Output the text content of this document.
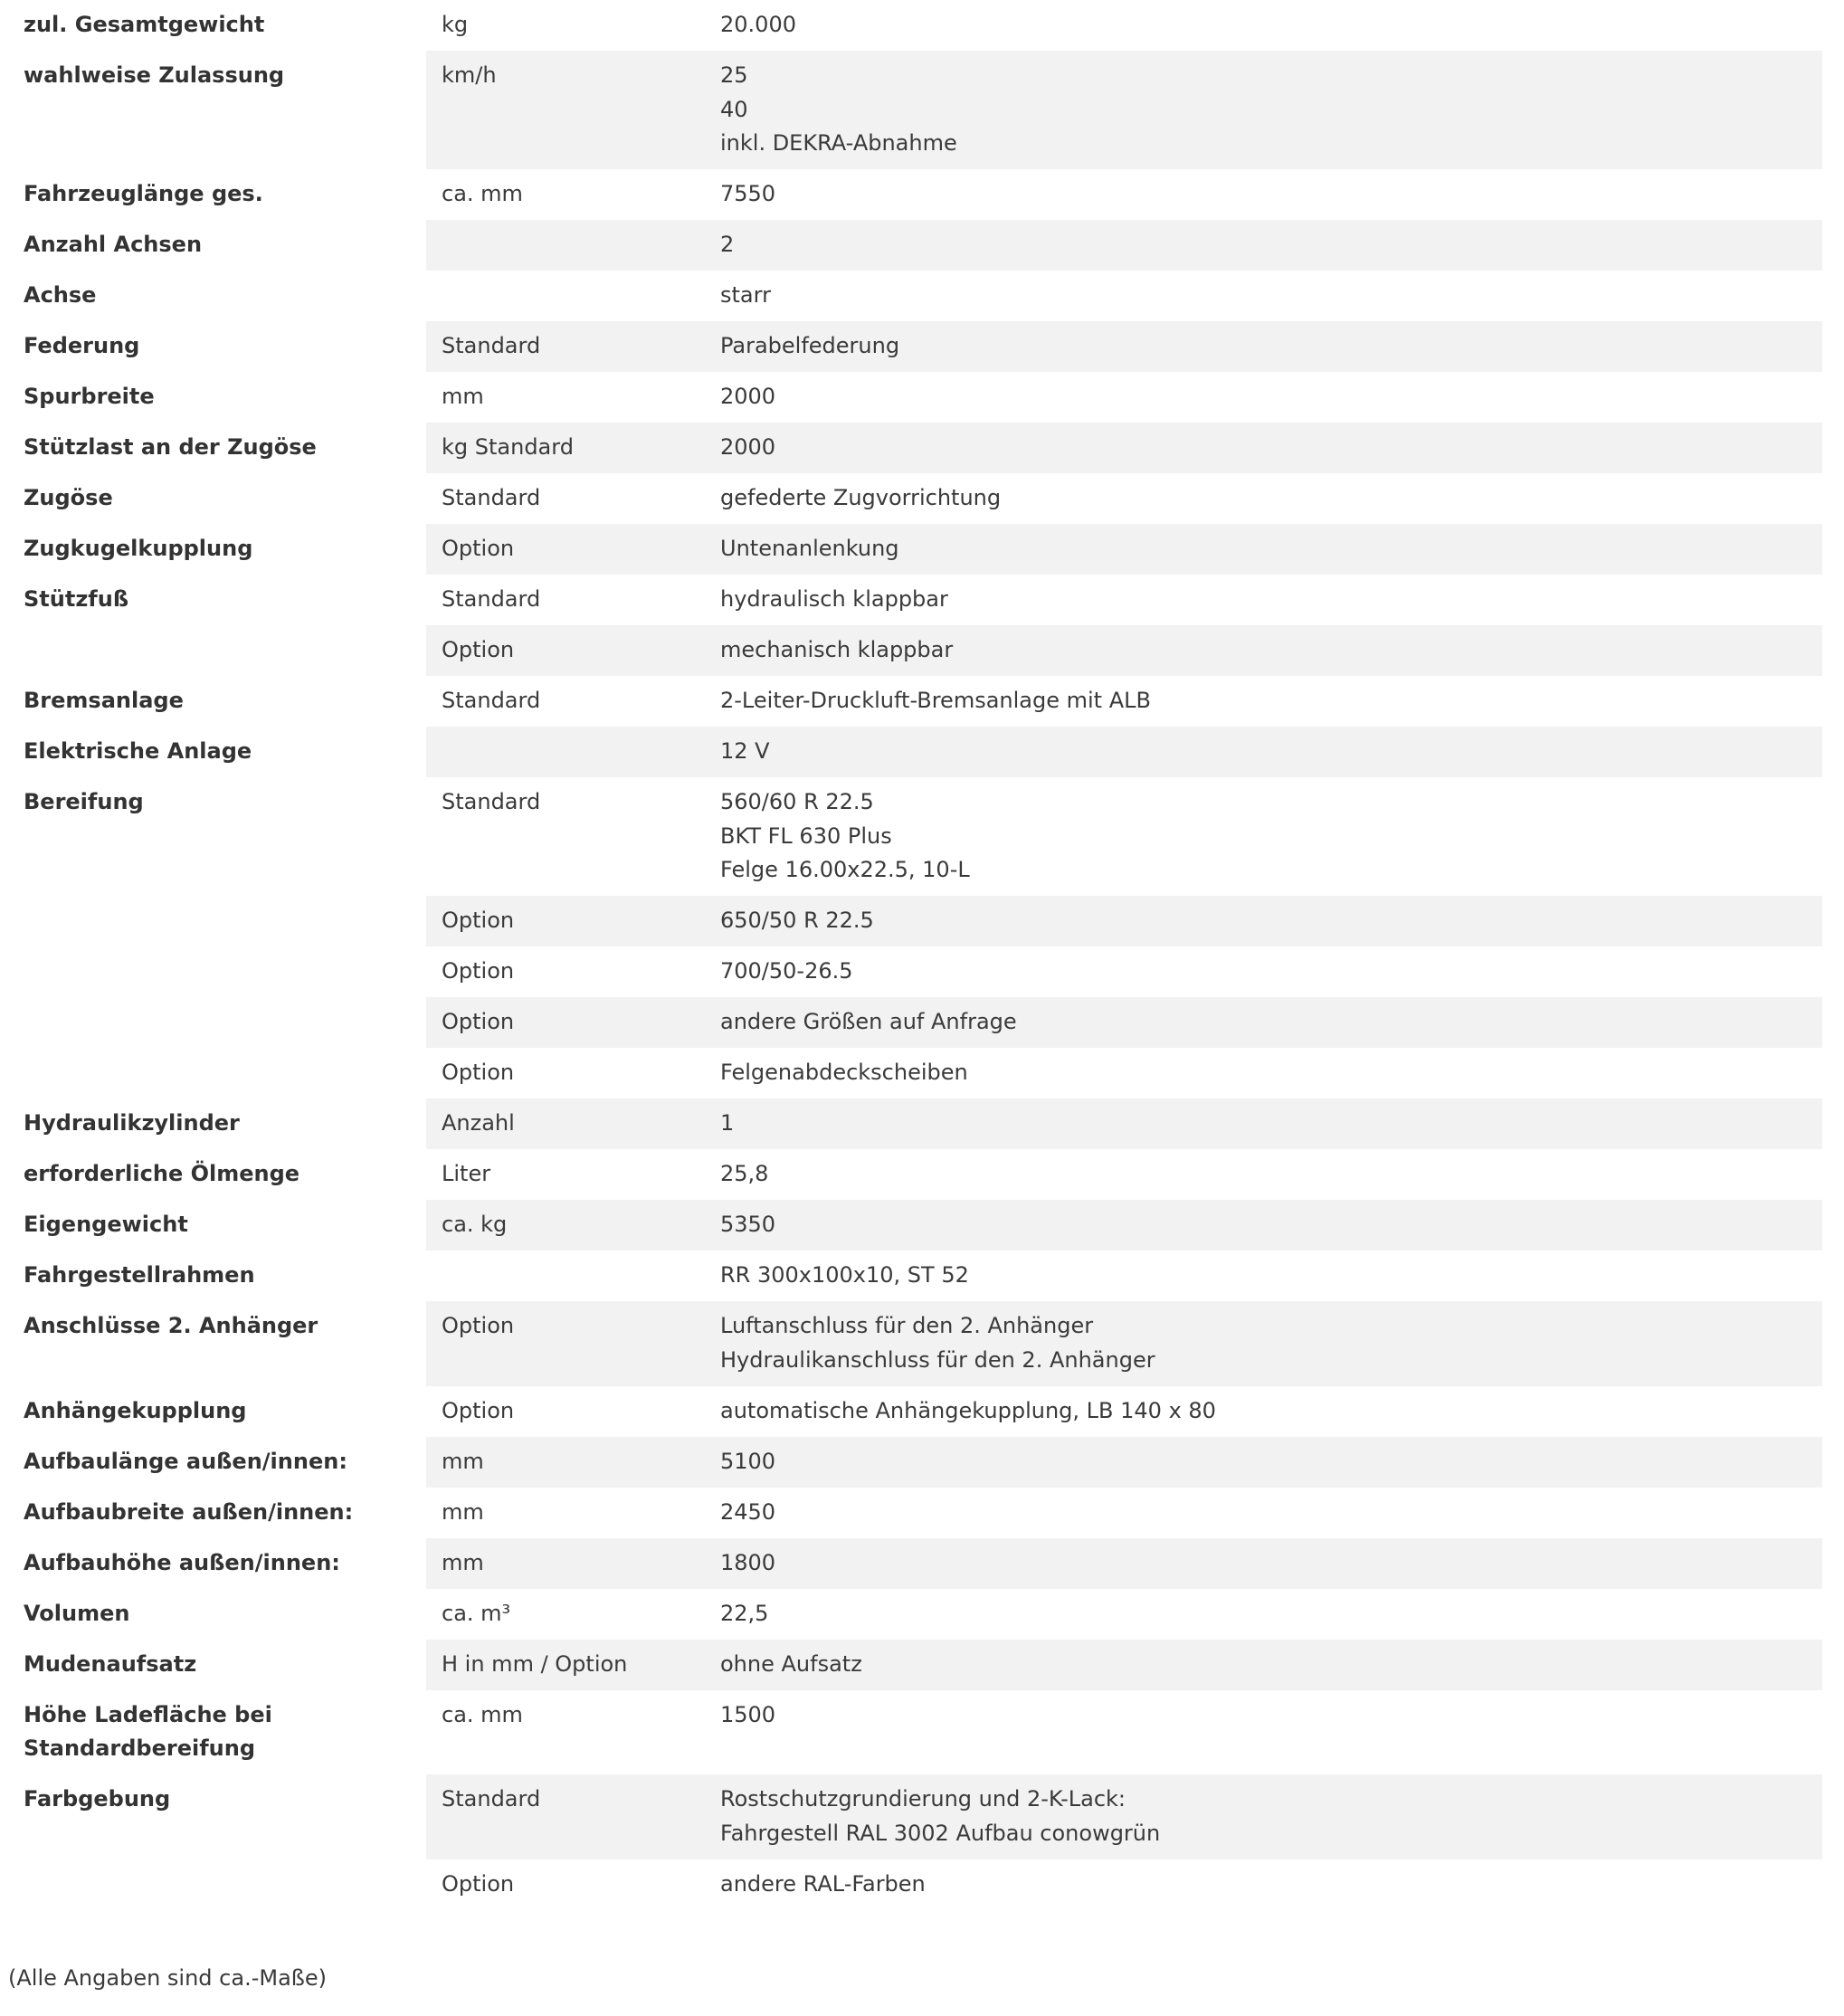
zul. Gesamtgewicht	kg	20.000

wahlweise Zulassung	km/h	25
40
inkl. DEKRA-Abnahme

Fahrzeuglänge ges.	ca. mm	7550

Anzahl Achsen		2

Achse		starr

Federung	Standard	Parabelfederung

Spurbreite	mm	2000

Stützlast an der Zugöse	kg Standard	2000

Zugöse	Standard	gefederte Zugvorrichtung

Zugkugelkupplung	Option	Untenanlenkung

Stützfuß	Standard	hydraulisch klappbar

	Option	mechanisch klappbar

Bremsanlage	Standard	2-Leiter-Druckluft-Bremsanlage mit ALB

Elektrische Anlage		12 V

Bereifung	Standard	560/60 R 22.5
BKT FL 630 Plus
Felge 16.00x22.5, 10-L

	Option	650/50 R 22.5

	Option	700/50-26.5

	Option	andere Größen auf Anfrage

	Option	Felgenabdeckscheiben

Hydraulikzylinder	Anzahl	1

erforderliche Ölmenge	Liter	25,8

Eigengewicht	ca. kg	5350

Fahrgestellrahmen		RR 300x100x10, ST 52

Anschlüsse 2. Anhänger	Option	Luftanschluss für den 2. Anhänger
Hydraulikanschluss für den 2. Anhänger

Anhängekupplung	Option	automatische Anhängekupplung, LB 140 x 80

Aufbaulänge außen/innen:	mm	5100

Aufbaubreite außen/innen:	mm	2450

Aufbauhöhe außen/innen:	mm	1800

Volumen	ca. m³	22,5

Mudenaufsatz	H in mm / Option	ohne Aufsatz

Höhe Ladefläche bei Standardbereifung	ca. mm	1500

Farbgebung	Standard	Rostschutzgrundierung und 2-K-Lack:
Fahrgestell RAL 3002 Aufbau conowgrün

	Option	andere RAL-Farben
(Alle Angaben sind ca.-Maße)
